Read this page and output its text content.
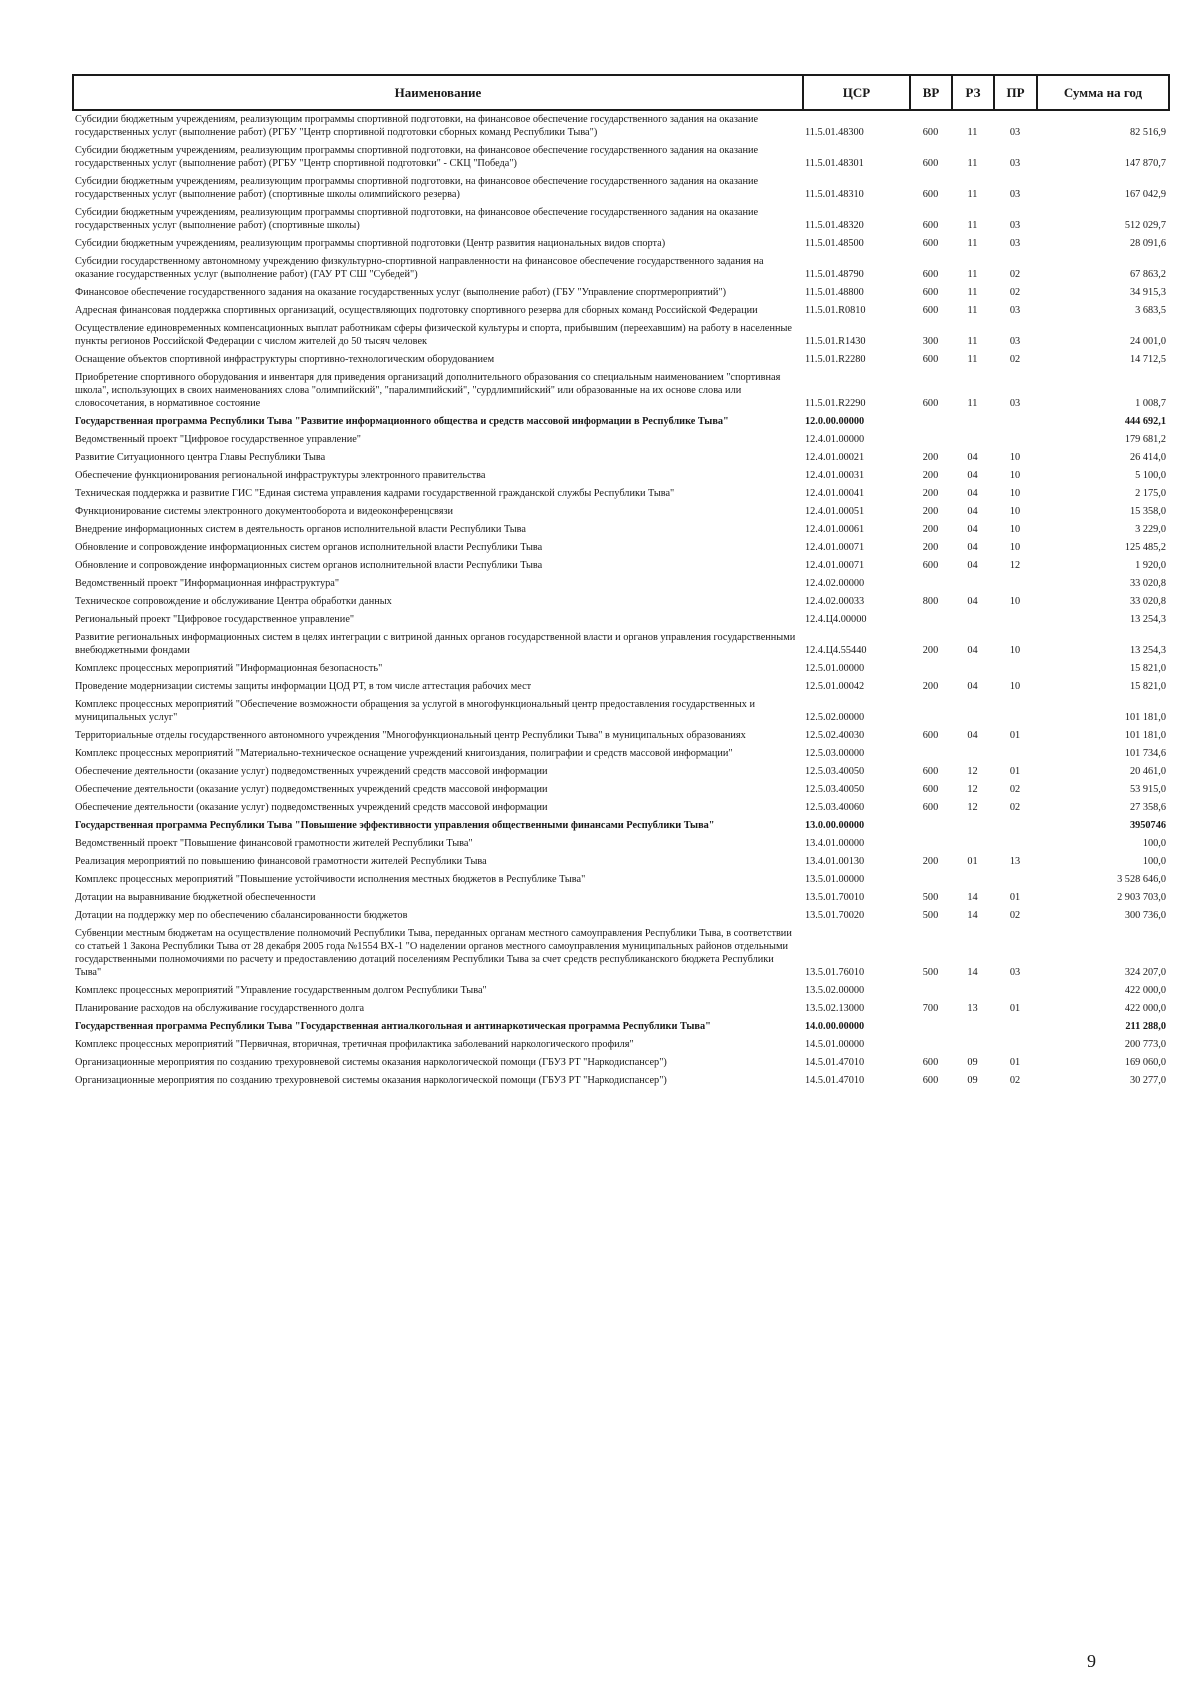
Наименование	ЦСР	ВР	РЗ	ПР	Сумма на год
Субсидии бюджетным учреждениям, реализующим программы спортивной подготовки, на финансовое обеспечение государственного задания на оказание государственных услуг (выполнение работ) (РГБУ "Центр спортивной подготовки сборных команд Республики Тыва")	11.5.01.48300	600	11	03	82 516,9
Субсидии бюджетным учреждениям, реализующим программы спортивной подготовки, на финансовое обеспечение государственного задания на оказание государственных услуг (выполнение работ) (РГБУ "Центр спортивной подготовки" - СКЦ "Победа")	11.5.01.48301	600	11	03	147 870,7
Субсидии бюджетным учреждениям, реализующим программы спортивной подготовки, на финансовое обеспечение государственного задания на оказание государственных услуг (выполнение работ) (спортивные школы олимпийского резерва)	11.5.01.48310	600	11	03	167 042,9
Субсидии бюджетным учреждениям, реализующим программы спортивной подготовки, на финансовое обеспечение государственного задания на оказание государственных услуг (выполнение работ) (спортивные школы)	11.5.01.48320	600	11	03	512 029,7
Субсидии бюджетным учреждениям, реализующим программы спортивной подготовки (Центр развития национальных видов спорта)	11.5.01.48500	600	11	03	28 091,6
Субсидии государственному автономному учреждению физкультурно-спортивной направленности на финансовое обеспечение государственного задания на оказание государственных услуг (выполнение работ) (ГАУ РТ СШ "Субедей")	11.5.01.48790	600	11	02	67 863,2
Финансовое обеспечение государственного задания на оказание государственных услуг (выполнение работ) (ГБУ "Управление спортмероприятий")	11.5.01.48800	600	11	02	34 915,3
Адресная финансовая поддержка спортивных организаций, осуществляющих подготовку спортивного резерва для сборных команд Российской Федерации	11.5.01.R0810	600	11	03	3 683,5
Осуществление единовременных компенсационных выплат работникам сферы физической культуры и спорта, прибывшим (переехавшим) на работу в населенные пункты регионов Российской Федерации с числом жителей до 50 тысяч человек	11.5.01.R1430	300	11	03	24 001,0
Оснащение объектов спортивной инфраструктуры спортивно-технологическим оборудованием	11.5.01.R2280	600	11	02	14 712,5
Приобретение спортивного оборудования и инвентаря для приведения организаций дополнительного образования со специальным наименованием "спортивная школа", использующих в своих наименованиях слова "олимпийский", "паралимпийский", "сурдлимпийский" или образованные на их основе слова или словосочетания, в нормативное состояние	11.5.01.R2290	600	11	03	1 008,7
Государственная программа Республики Тыва "Развитие информационного общества и средств массовой информации в Республике Тыва"	12.0.00.00000				444 692,1
Ведомственный проект "Цифровое государственное управление"	12.4.01.00000				179 681,2
Развитие Ситуационного центра Главы Республики Тыва	12.4.01.00021	200	04	10	26 414,0
Обеспечение функционирования региональной инфраструктуры электронного правительства	12.4.01.00031	200	04	10	5 100,0
Техническая поддержка и развитие ГИС "Единая система управления кадрами государственной гражданской службы Республики Тыва"	12.4.01.00041	200	04	10	2 175,0
Функционирование системы электронного документооборота и видеоконференцсвязи	12.4.01.00051	200	04	10	15 358,0
Внедрение информационных систем в деятельность органов исполнительной власти Республики Тыва	12.4.01.00061	200	04	10	3 229,0
Обновление и сопровождение информационных систем органов исполнительной власти Республики Тыва	12.4.01.00071	200	04	10	125 485,2
Обновление и сопровождение информационных систем органов исполнительной власти Республики Тыва	12.4.01.00071	600	04	12	1 920,0
Ведомственный проект "Информационная инфраструктура"	12.4.02.00000				33 020,8
Техническое сопровождение и обслуживание Центра обработки данных	12.4.02.00033	800	04	10	33 020,8
Региональный проект "Цифровое государственное управление"	12.4.Ц4.00000				13 254,3
Развитие региональных информационных систем в целях интеграции с витриной данных органов государственной власти и органов управления государственными внебюджетными фондами	12.4.Ц4.55440	200	04	10	13 254,3
Комплекс процессных мероприятий "Информационная безопасность"	12.5.01.00000				15 821,0
Проведение модернизации системы защиты информации ЦОД РТ, в том числе аттестация рабочих мест	12.5.01.00042	200	04	10	15 821,0
Комплекс процессных мероприятий "Обеспечение возможности обращения за услугой в многофункциональный центр предоставления государственных и муниципальных услуг"	12.5.02.00000				101 181,0
Территориальные отделы государственного автономного учреждения "Многофункциональный центр Республики Тыва" в муниципальных образованиях	12.5.02.40030	600	04	01	101 181,0
Комплекс процессных мероприятий "Материально-техническое оснащение учреждений книгоиздания, полиграфии и средств массовой информации"	12.5.03.00000				101 734,6
Обеспечение деятельности (оказание услуг) подведомственных учреждений средств массовой информации	12.5.03.40050	600	12	01	20 461,0
Обеспечение деятельности (оказание услуг) подведомственных учреждений средств массовой информации	12.5.03.40050	600	12	02	53 915,0
Обеспечение деятельности (оказание услуг) подведомственных учреждений средств массовой информации	12.5.03.40060	600	12	02	27 358,6
Государственная программа Республики Тыва "Повышение эффективности управления общественными финансами Республики Тыва"	13.0.00.00000				3950746
Ведомственный проект "Повышение финансовой грамотности жителей Республики Тыва"	13.4.01.00000				100,0
Реализация мероприятий по повышению финансовой грамотности жителей Республики Тыва	13.4.01.00130	200	01	13	100,0
Комплекс процессных мероприятий "Повышение устойчивости исполнения местных бюджетов в Республике Тыва"	13.5.01.00000				3 528 646,0
Дотации на выравнивание бюджетной обеспеченности	13.5.01.70010	500	14	01	2 903 703,0
Дотации на поддержку мер по обеспечению сбалансированности бюджетов	13.5.01.70020	500	14	02	300 736,0
Субвенции местным бюджетам на осуществление полномочий Республики Тыва, переданных органам местного самоуправления Республики Тыва, в соответствии со статьей 1 Закона Республики Тыва от 28 декабря 2005 года №1554 ВХ-1 "О наделении органов местного самоуправления муниципальных районов отдельными государственными полномочиями по расчету и предоставлению дотаций поселениям Республики Тыва за счет средств республиканского бюджета Республики Тыва"	13.5.01.76010	500	14	03	324 207,0
Комплекс процессных мероприятий "Управление государственным долгом Республики Тыва"	13.5.02.00000				422 000,0
Планирование расходов на обслуживание государственного долга	13.5.02.13000	700	13	01	422 000,0
Государственная программа Республики Тыва "Государственная антиалкогольная и антинаркотическая программа Республики Тыва"	14.0.00.00000				211 288,0
Комплекс процессных мероприятий "Первичная, вторичная, третичная профилактика заболеваний наркологического профиля"	14.5.01.00000				200 773,0
Организационные мероприятия по созданию трехуровневой системы оказания наркологической помощи (ГБУЗ РТ "Наркодиспансер")	14.5.01.47010	600	09	01	169 060,0
Организационные мероприятия по созданию трехуровневой системы оказания наркологической помощи (ГБУЗ РТ "Наркодиспансер")	14.5.01.47010	600	09	02	30 277,0
9
